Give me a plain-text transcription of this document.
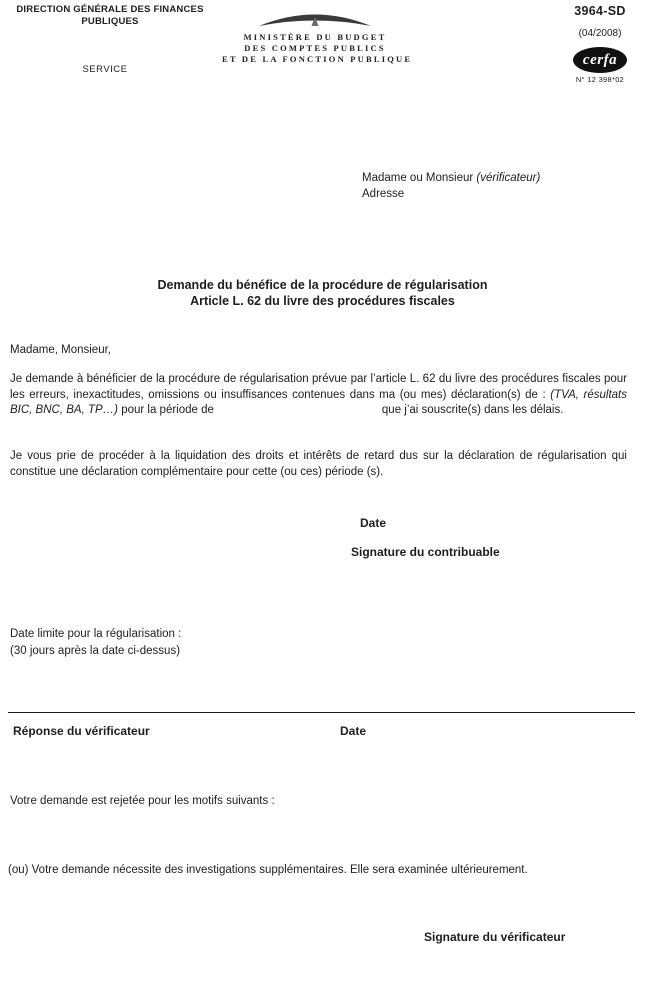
DIRECTION GÉNÉRALE DES FINANCES
PUBLIQUES
SERVICE
MINISTÈRE DU BUDGET
DES COMPTES PUBLICS
ET DE LA FONCTION PUBLIQUE
3964-SD
(04/2008)
cerfa
N° 12 398*02
Madame ou Monsieur (vérificateur)
Adresse
Demande du bénéfice de la procédure de régularisation
Article L. 62 du livre des procédures fiscales
Madame, Monsieur,
Je demande à bénéficier de la procédure de régularisation prévue par l’article L. 62 du livre des procédures fiscales pour les erreurs, inexactitudes, omissions ou insuffisances contenues dans ma (ou mes) déclaration(s) de : (TVA, résultats BIC, BNC, BA, TP…) pour la période de	que j’ai souscrite(s) dans les délais.
Je vous prie de procéder à la liquidation des droits et intérêts de retard dus sur la déclaration de régularisation qui constitue une déclaration complémentaire pour cette (ou ces) période (s).
Date
Signature du contribuable
Date limite pour la régularisation :
(30 jours après la date ci-dessus)
Réponse du vérificateur	Date
Votre demande est rejetée pour les motifs suivants :
(ou) Votre demande nécessite des investigations supplémentaires. Elle sera examinée ultérieurement.
Signature du vérificateur
